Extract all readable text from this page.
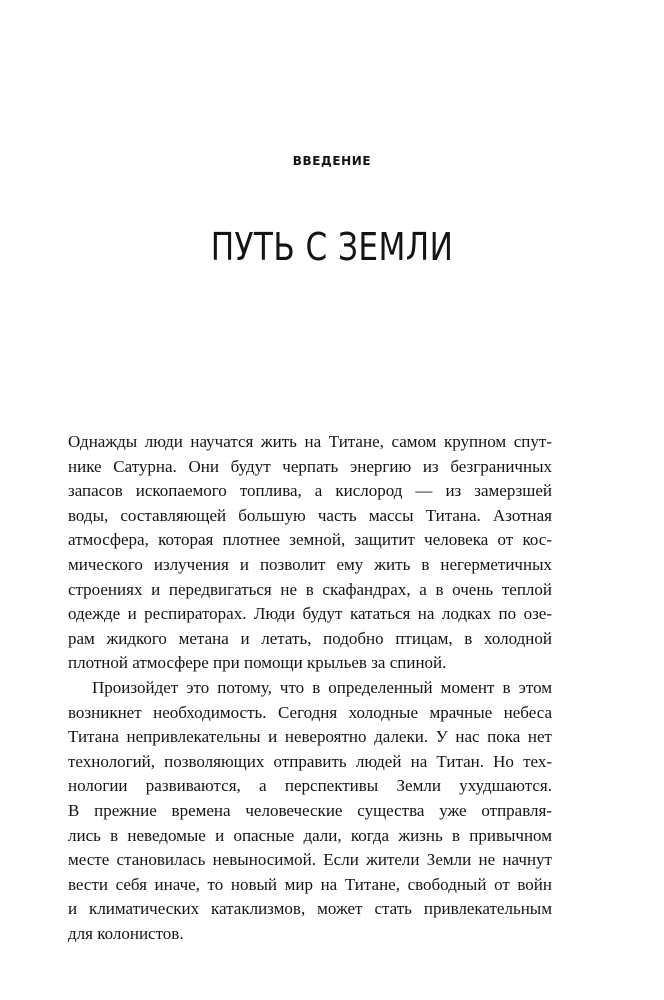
ВВЕДЕНИЕ
ПУТЬ С ЗЕМЛИ

Однажды люди научатся жить на Титане, самом крупном спут-
нике Сатурна. Они будут черпать энергию из безграничных
запасов ископаемого топлива, а кислород — из замерзшей
воды, составляющей большую часть массы Титана. Азотная
атмосфера, которая плотнее земной, защитит человека от кос-
мического излучения и позволит ему жить в негерметичных
строениях и передвигаться не в скафандрах, а в очень теплой
одежде и респираторах. Люди будут кататься на лодках по озе-
рам жидкого метана и летать, подобно птицам, в холодной
плотной атмосфере при помощи крыльев за спиной.

Произойдет это потому, что в определенный момент в этом
возникнет необходимость. Сегодня холодные мрачные небеса
Титана непривлекательны и невероятно далеки. У нас пока нет
технологий, позволяющих отправить людей на Титан. Но тех-
нологии развиваются, а перспективы Земли ухудшаются.
В прежние времена человеческие существа уже отправля-
лись в неведомые и опасные дали, когда жизнь в привычном
месте становилась невыносимой. Если жители Земли не начнут
вести себя иначе, то новый мир на Титане, свободный от войн
и климатических катаклизмов, может стать привлекательным
для колонистов.
